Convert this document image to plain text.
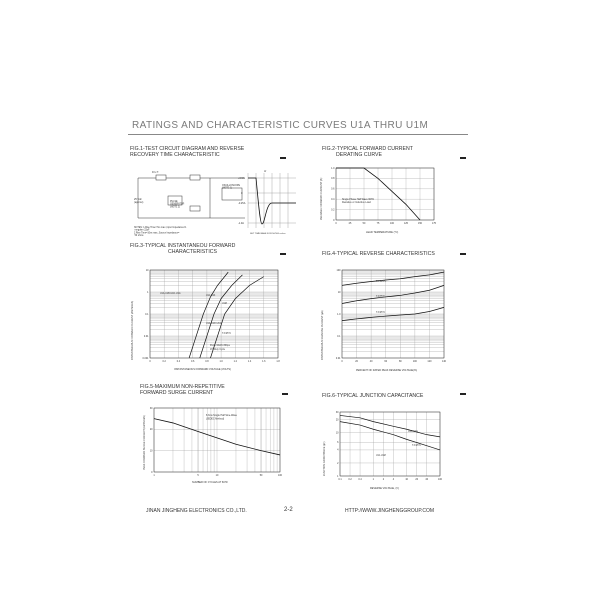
RATINGS AND CHARACTERISTIC CURVES U1A THRU U1M
FIG.1-TEST CIRCUIT DIAGRAM AND REVERSE
RECOVERY TIME CHARACTERISTIC
D.U.T.
25 Vdc (approx)	PULSE GENERATOR (NOTE 2)
OSCILLOSCOPE (NOTE 1)
NOTES: 1.Rise Time=7ns max.,Input Impedance=1 megohm 22pF 2.Rise Time=10ns max.,Source Impedance= 50 ohms
+0.5A
0
-0.25A
-1.0A
trr
SET TIME BASE FOR 50/100 ns/cm
FIG.2-TYPICAL FORWARD CURRENT
DERATING CURVE
AVERAGE FORWARD CURRENT (A)
1.0
0.8
0.6
0.4
0.2
0
0	25	50	75	100	125	150	175
Single Phase Half Wave 60Hz
Resistive or Inductive Load
LEAD TEMPERATURE (°C)
FIG.3-TYPICAL INSTANTANEOU FORWARD
CHARACTERISTICS
INSTANTANEOUS FORWARD CURRENT (AMPERES)
10
1
0.1
0.01
0.001
0	0.2	0.4	0.6	0.8	1.0	1.2	1.4	1.6	1.8
U1A-U1B-U1D-U1G
U1J-U1K
U1M
U1A-U1D-U1G
TJ=25°C
Pulse Width=300μs
1% Duty Cycle
INSTANTANEOUS FORWARD VOLTAGE (VOLTS)
FIG.4-TYPICAL REVERSE CHARACTERISTICS
INSTANTANEOUS REVERSE CURRENT (μA)
100
10
1.0
0.1
0.01
0	20	40	60	80	100	120	140
TJ=125°C
TJ=75°C
TJ=25°C
PERCENT OF RATED PEAK REVERSE VOLTAGE(%)
FIG.5-MAXIMUM NON-REPETITIVE
FORWARD SURGE CURRENT
PEAK FORWARD SURGE CURRENT (AMPERES)
30
20
10
0
1	5	10	50	100
8.3ms Single Half Sine-Wave
(JEDEC Method)
NUMBER OF CYCLES AT 60Hz
FIG.6-TYPICAL JUNCTION CAPACITANCE
JUNCTION CAPACITANCE (pF)
30
20
10
6
4
2
1
0.1	0.2	0.4	1	2	4	10	20	40	100
U1A-U1G
U1J-U1M
TJ=25°C
REVERSE VOLTAGE, (V)
JINAN JINGHENG ELECTRONICS CO.,LTD.	2-2	HTTP://WWW.JINGHENGGROUP.COM
